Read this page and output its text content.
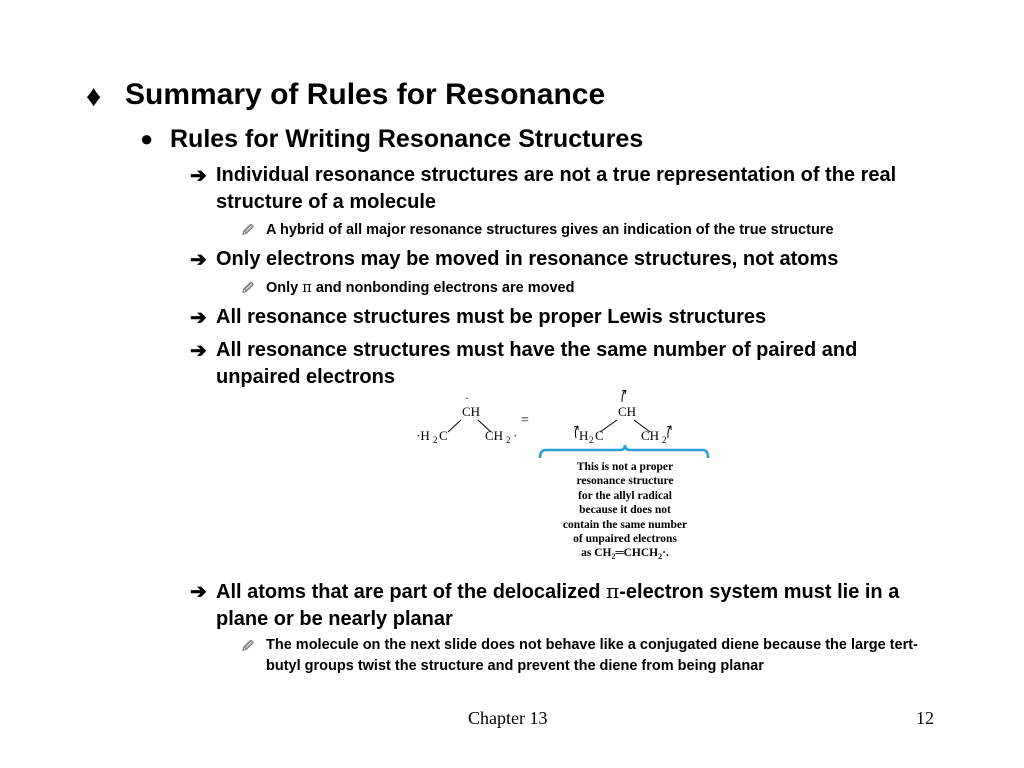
♦ Summary of Rules for Resonance
● Rules for Writing Resonance Structures
➔ Individual resonance structures are not a true representation of the real structure of a molecule
🖉 A hybrid of all major resonance structures gives an indication of the true structure
➔ Only electrons may be moved in resonance structures, not atoms
🖉 Only π and nonbonding electrons are moved
➔ All resonance structures must be proper Lewis structures
➔ All resonance structures must have the same number of paired and unpaired electrons
·
CH
·H 2 C	CH 2 ·
=
CH
H 2 C	CH 2
This is not a proper
resonance structure
for the allyl radical
because it does not
contain the same number
of unpaired electrons
as $CH_2═CHCH_2\cdot$.
➔ All atoms that are part of the delocalized π-electron system must lie in a plane or be nearly planar
🖉 The molecule on the next slide does not behave like a conjugated diene because the large tert-butyl groups twist the structure and prevent the diene from being planar
Chapter 13	12
